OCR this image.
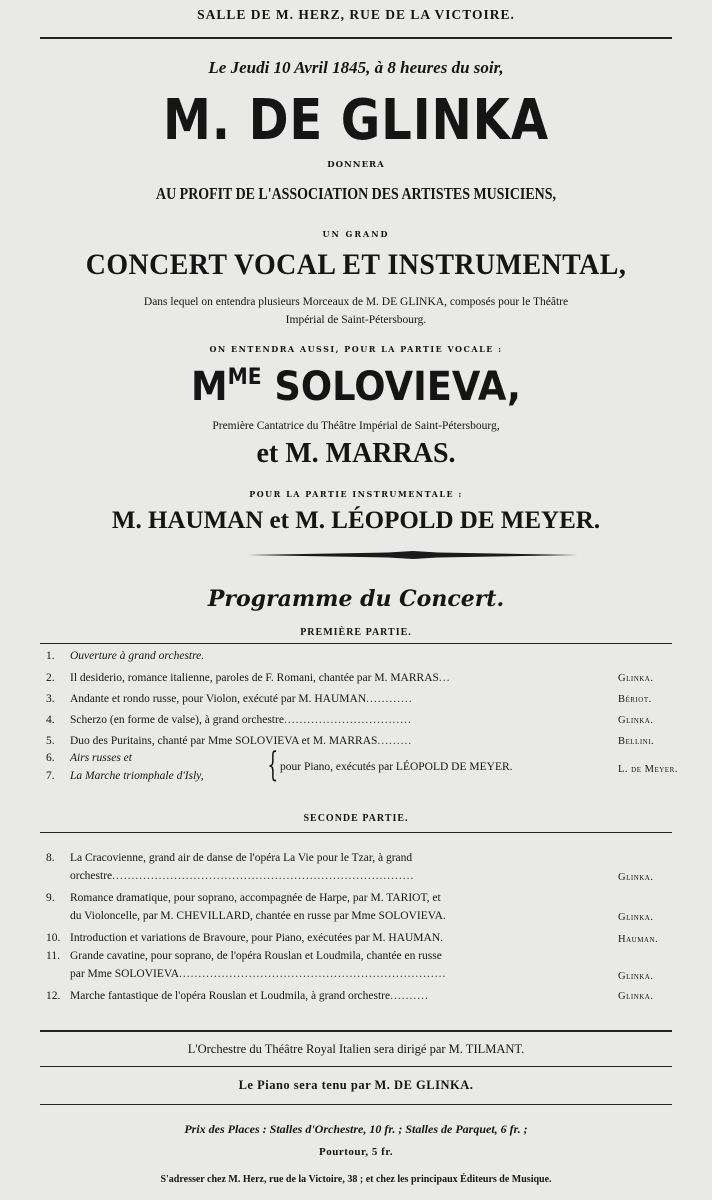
SALLE DE M. HERZ, RUE DE LA VICTOIRE.
Le Jeudi 10 Avril 1845, à 8 heures du soir,
M. DE GLINKA
DONNERA
AU PROFIT DE L'ASSOCIATION DES ARTISTES MUSICIENS,
UN GRAND
CONCERT VOCAL ET INSTRUMENTAL,
Dans lequel on entendra plusieurs Morceaux de M. DE GLINKA, composés pour le Théâtre
Impérial de Saint-Pétersbourg.
ON ENTENDRA AUSSI, POUR LA PARTIE VOCALE :
$M^{ME}$ SOLOVIEVA,
Première Cantatrice du Théâtre Impérial de Saint-Pétersbourg,
et M. MARRAS.
POUR LA PARTIE INSTRUMENTALE :
M. HAUMAN et M. LÉOPOLD DE MEYER.
Programme du Concert.
PREMIÈRE PARTIE.
1. Ouverture à grand orchestre.
2. Il desiderio, romance italienne, paroles de F. Romani, chantée par M. MARRAS...	Glinka.
3. Andante et rondo russe, pour Violon, exécuté par M. HAUMAN............	Bériot.
4. Scherzo (en forme de valse), à grand orchestre.................................	Glinka.
5. Duo des Puritains, chanté par Mme SOLOVIEVA et M. MARRAS.........	Bellini.
6. Airs russes et
7. La Marche triomphale d'Isly, { pour Piano, exécutés par LÉOPOLD DE MEYER.	L. de Meyer.
SECONDE PARTIE.
8. La Cracovienne, grand air de danse de l'opéra La Vie pour le Tzar, à grand
orchestre..............................................................................	Glinka.
9. Romance dramatique, pour soprano, accompagnée de Harpe, par M. TARIOT, et
du Violoncelle, par M. CHEVILLARD, chantée en russe par Mme SOLOVIEVA.	Glinka.
10. Introduction et variations de Bravoure, pour Piano, exécutées par M. HAUMAN.	Hauman.
11. Grande cavatine, pour soprano, de l'opéra Rouslan et Loudmila, chantée en russe
par Mme SOLOVIEVA.....................................................................	Glinka.
12. Marche fantastique de l'opéra Rouslan et Loudmila, à grand orchestre..........	Glinka.
L'Orchestre du Théâtre Royal Italien sera dirigé par M. TILMANT.
Le Piano sera tenu par M. DE GLINKA.
Prix des Places : Stalles d'Orchestre, 10 fr. ; Stalles de Parquet, 6 fr. ;
Pourtour, 5 fr.
S'adresser chez M. Herz, rue de la Victoire, 38 ; et chez les principaux Éditeurs de Musique.
